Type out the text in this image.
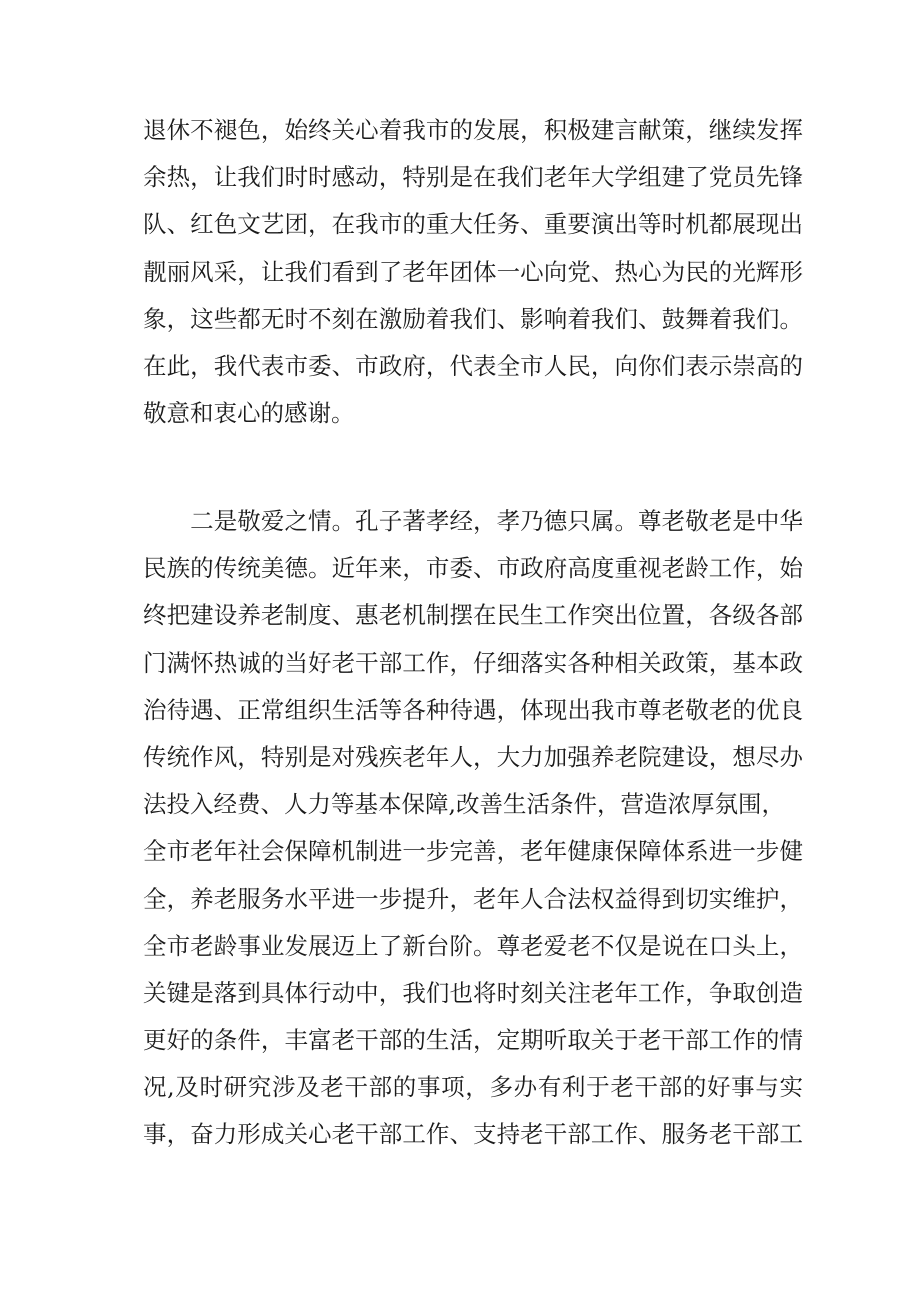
退休不褪色，始终关心着我市的发展，积极建言献策，继续发挥
余热，让我们时时感动，特别是在我们老年大学组建了党员先锋
队、红色文艺团，在我市的重大任务、重要演出等时机都展现出
靓丽风采，让我们看到了老年团体一心向党、热心为民的光辉形
象，这些都无时不刻在激励着我们、影响着我们、鼓舞着我们。
在此，我代表市委、市政府，代表全市人民，向你们表示崇高的
敬意和衷心的感谢。
　　二是敬爱之情。孔子著孝经，孝乃德只属。尊老敬老是中华
民族的传统美德。近年来，市委、市政府高度重视老龄工作，始
终把建设养老制度、惠老机制摆在民生工作突出位置，各级各部
门满怀热诚的当好老干部工作，仔细落实各种相关政策，基本政
治待遇、正常组织生活等各种待遇，体现出我市尊老敬老的优良
传统作风，特别是对残疾老年人，大力加强养老院建设，想尽办
法投入经费、人力等基本保障,改善生活条件，营造浓厚氛围，
全市老年社会保障机制进一步完善，老年健康保障体系进一步健
全，养老服务水平进一步提升，老年人合法权益得到切实维护，
全市老龄事业发展迈上了新台阶。尊老爱老不仅是说在口头上，
关键是落到具体行动中，我们也将时刻关注老年工作，争取创造
更好的条件，丰富老干部的生活，定期听取关于老干部工作的情
况,及时研究涉及老干部的事项，多办有利于老干部的好事与实
事，奋力形成关心老干部工作、支持老干部工作、服务老干部工
